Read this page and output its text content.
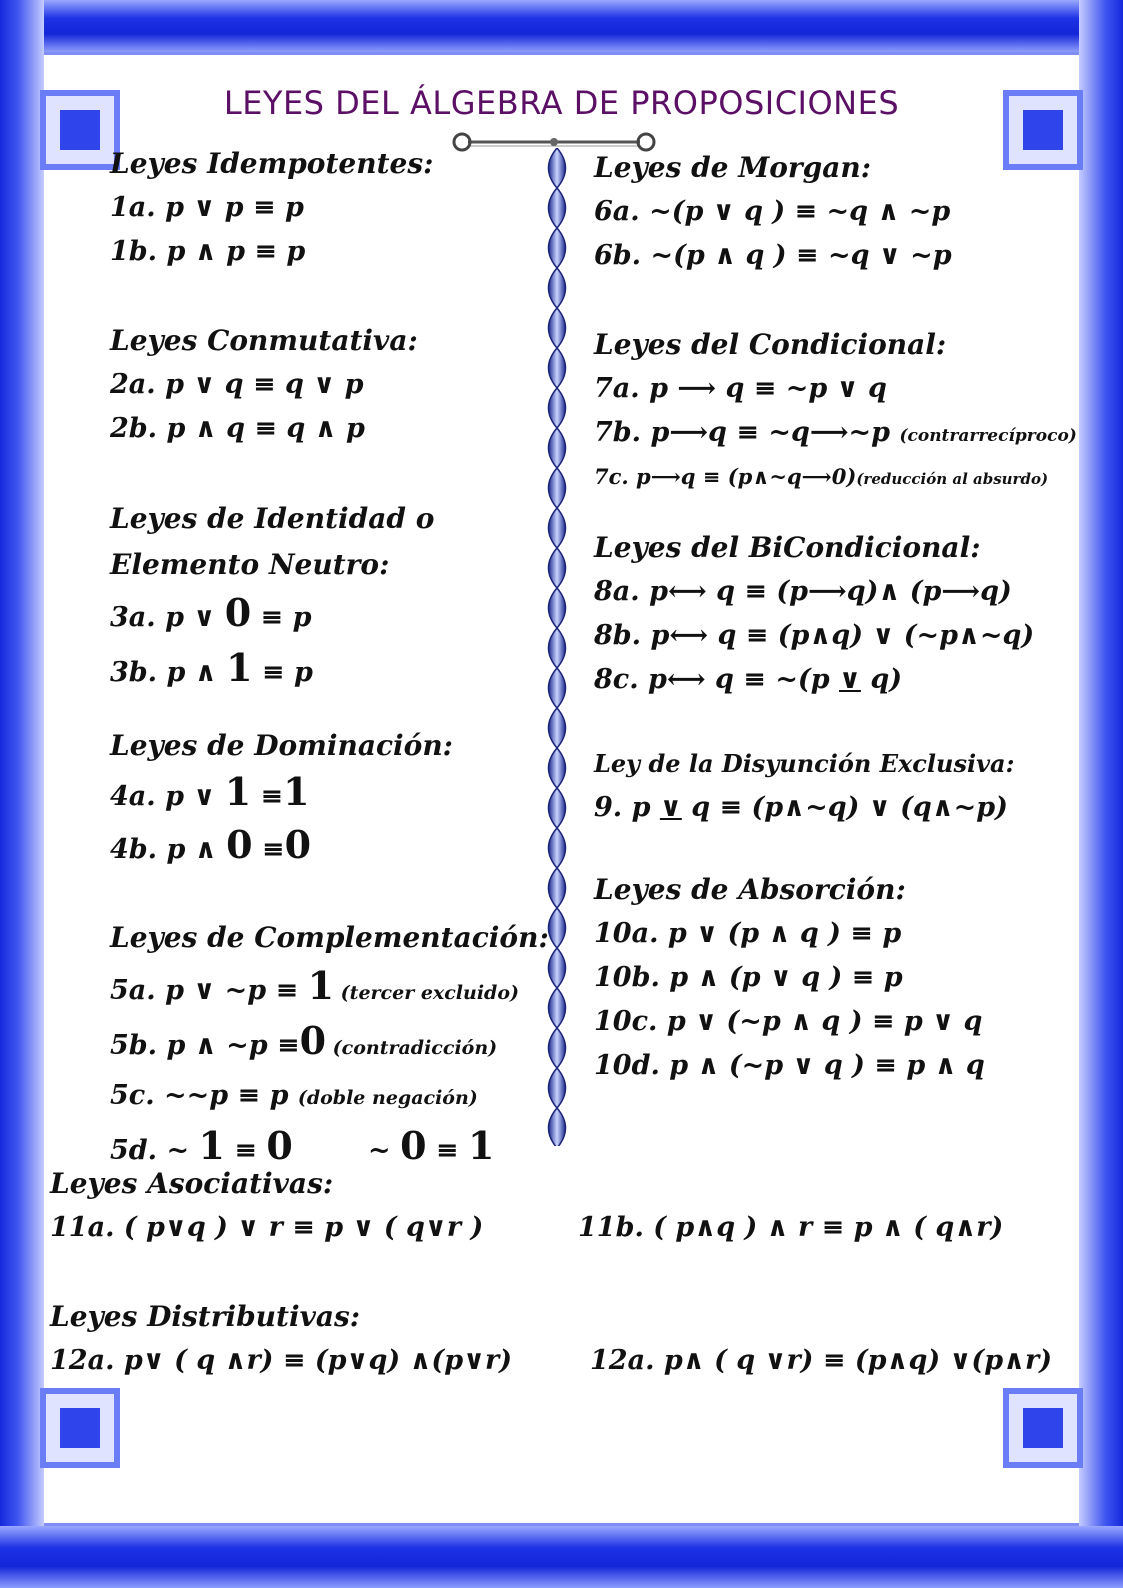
LEYES DEL ÁLGEBRA DE PROPOSICIONES
Leyes Idempotentes:
1a. p ∨ p ≡ p
1b. p ∧ p ≡ p
Leyes Conmutativa:
2a. p ∨ q ≡ q ∨ p
2b. p ∧ q ≡ q ∧ p
Leyes de Identidad o
Elemento Neutro:
3a. p ∨ 0 ≡ p
3b. p ∧ 1 ≡ p
Leyes de Dominación:
4a. p ∨ 1 ≡1
4b. p ∧ 0 ≡0
Leyes de Complementación:
5a. p ∨ ~p ≡ 1 (tercer excluido)
5b. p ∧ ~p ≡0 (contradicción)
5c. ~~p ≡ p (doble negación)
5d. ~ 1 ≡ 0        ~ 0 ≡ 1
Leyes de Morgan:
6a. ~(p ∨ q ) ≡ ~q ∧ ~p
6b. ~(p ∧ q ) ≡ ~q ∨ ~p
Leyes del Condicional:
7a. p ⟶ q ≡ ~p ∨ q
7b. p⟶q ≡ ~q⟶~p (contrarrecíproco)
7c. p⟶q ≡ (p∧~q⟶0)(reducción al absurdo)
Leyes del BiCondicional:
8a. p⟷ q ≡ (p⟶q)∧ (p⟶q)
8b. p⟷ q ≡ (p∧q) ∨ (~p∧~q)
8c. p⟷ q ≡ ~(p ∨ q)
Ley de la Disyunción Exclusiva:
9. p ∨ q ≡ (p∧~q) ∨ (q∧~p)
Leyes de Absorción:
10a. p ∨ (p ∧ q ) ≡ p
10b. p ∧ (p ∨ q ) ≡ p
10c. p ∨ (~p ∧ q ) ≡ p ∨ q
10d. p ∧ (~p ∨ q ) ≡ p ∧ q
Leyes Asociativas:
11a. ( p∨q ) ∨ r ≡ p ∨ ( q∨r )	11b. ( p∧q ) ∧ r ≡ p ∧ ( q∧r)
Leyes Distributivas:
12a. p∨ ( q ∧r) ≡ (p∨q) ∧(p∨r)	12a. p∧ ( q ∨r) ≡ (p∧q) ∨(p∧r)
